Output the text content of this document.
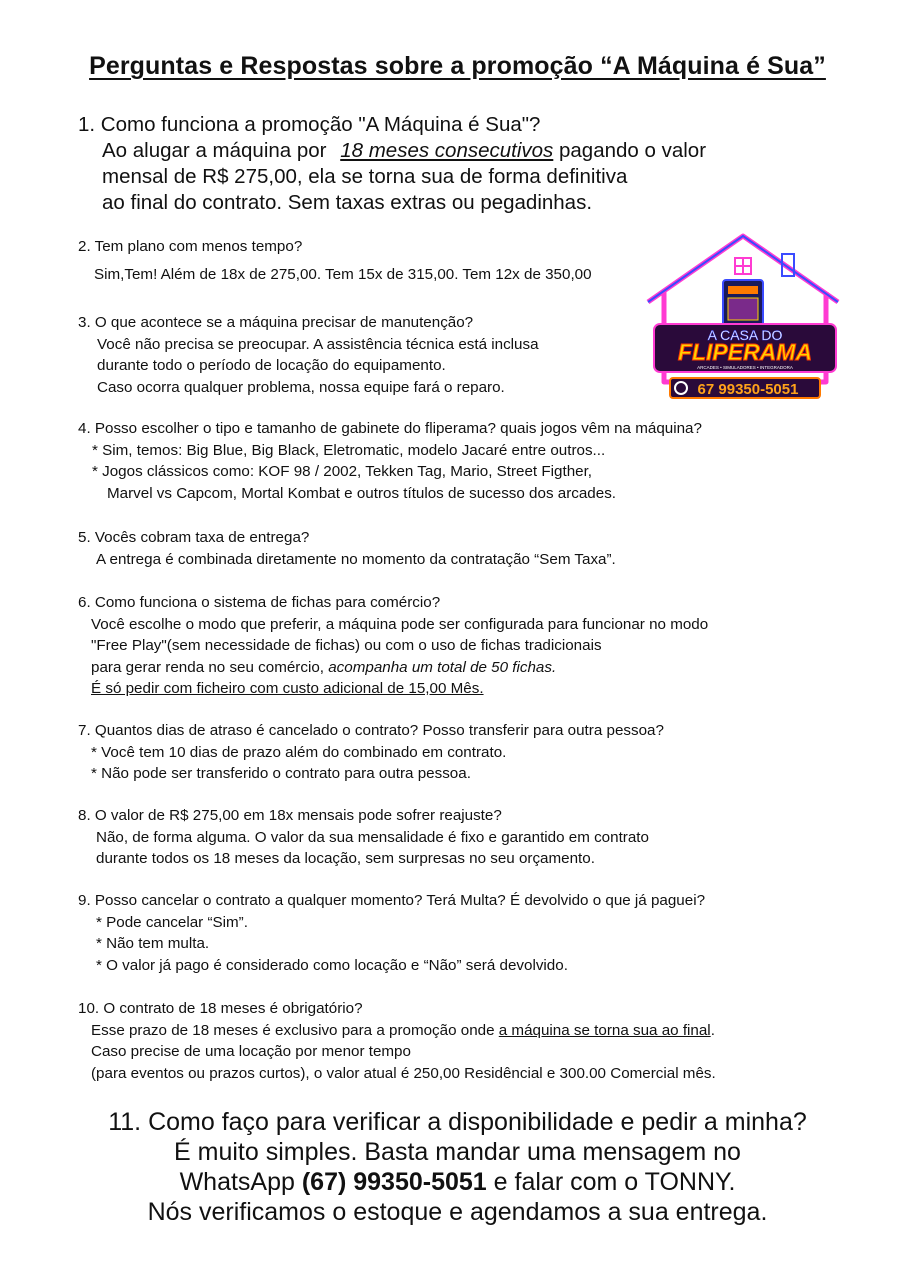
Perguntas e Respostas sobre a promoção “A Máquina é Sua”
1. Como funciona a promoção "A Máquina é Sua"?
Ao alugar a máquina por 18 meses consecutivos pagando o valor
mensal de R$ 275,00, ela se torna sua de forma definitiva
ao final do contrato. Sem taxas extras ou pegadinhas.
2. Tem plano com menos tempo?
Sim,Tem! Além de 18x de 275,00. Tem 15x de 315,00. Tem 12x de 350,00
3. O que acontece se a máquina precisar de manutenção?
Você não precisa se preocupar. A assistência técnica está inclusa
durante todo o período de locação do equipamento.
Caso ocorra qualquer problema, nossa equipe fará o reparo.
4. Posso escolher o tipo e tamanho de gabinete do fliperama? quais jogos vêm na máquina?
* Sim, temos: Big Blue, Big Black, Eletromatic, modelo Jacaré entre outros...
* Jogos clássicos como: KOF 98 / 2002, Tekken Tag, Mario, Street Figther,
Marvel vs Capcom, Mortal Kombat e outros títulos de sucesso dos arcades.
5. Vocês cobram taxa de entrega?
A entrega é combinada diretamente no momento da contratação “Sem Taxa”.
6. Como funciona o sistema de fichas para comércio?
Você escolhe o modo que preferir, a máquina pode ser configurada para funcionar no modo
"Free Play"(sem necessidade de fichas) ou com o uso de fichas tradicionais
para gerar renda no seu comércio, acompanha um total de 50 fichas.
É só pedir com ficheiro com custo adicional de 15,00 Mês.
7. Quantos dias de atraso é cancelado o contrato? Posso transferir para outra pessoa?
* Você tem 10 dias de prazo além do combinado em contrato.
* Não pode ser transferido o contrato para outra pessoa.
8. O valor de R$ 275,00 em 18x mensais pode sofrer reajuste?
Não, de forma alguma. O valor da sua mensalidade é fixo e garantido em contrato
durante todos os 18 meses da locação, sem surpresas no seu orçamento.
9. Posso cancelar o contrato a qualquer momento? Terá Multa? É devolvido o que já paguei?
* Pode cancelar “Sim”.
* Não tem multa.
* O valor já pago é considerado como locação e “Não” será devolvido.
10. O contrato de 18 meses é obrigatório?
Esse prazo de 18 meses é exclusivo para a promoção onde a máquina se torna sua ao final.
Caso precise de uma locação por menor tempo
(para eventos ou prazos curtos), o valor atual é 250,00 Residêncial e 300.00 Comercial mês.
11. Como faço para verificar a disponibilidade e pedir a minha?
É muito simples. Basta mandar uma mensagem no
WhatsApp (67) 99350-5051 e falar com o TONNY.
Nós verificamos o estoque e agendamos a sua entrega.
A CASA DO
FLIPERAMA
ARCADES • SIMULADORES • INTEGRADORA
67 99350-5051
